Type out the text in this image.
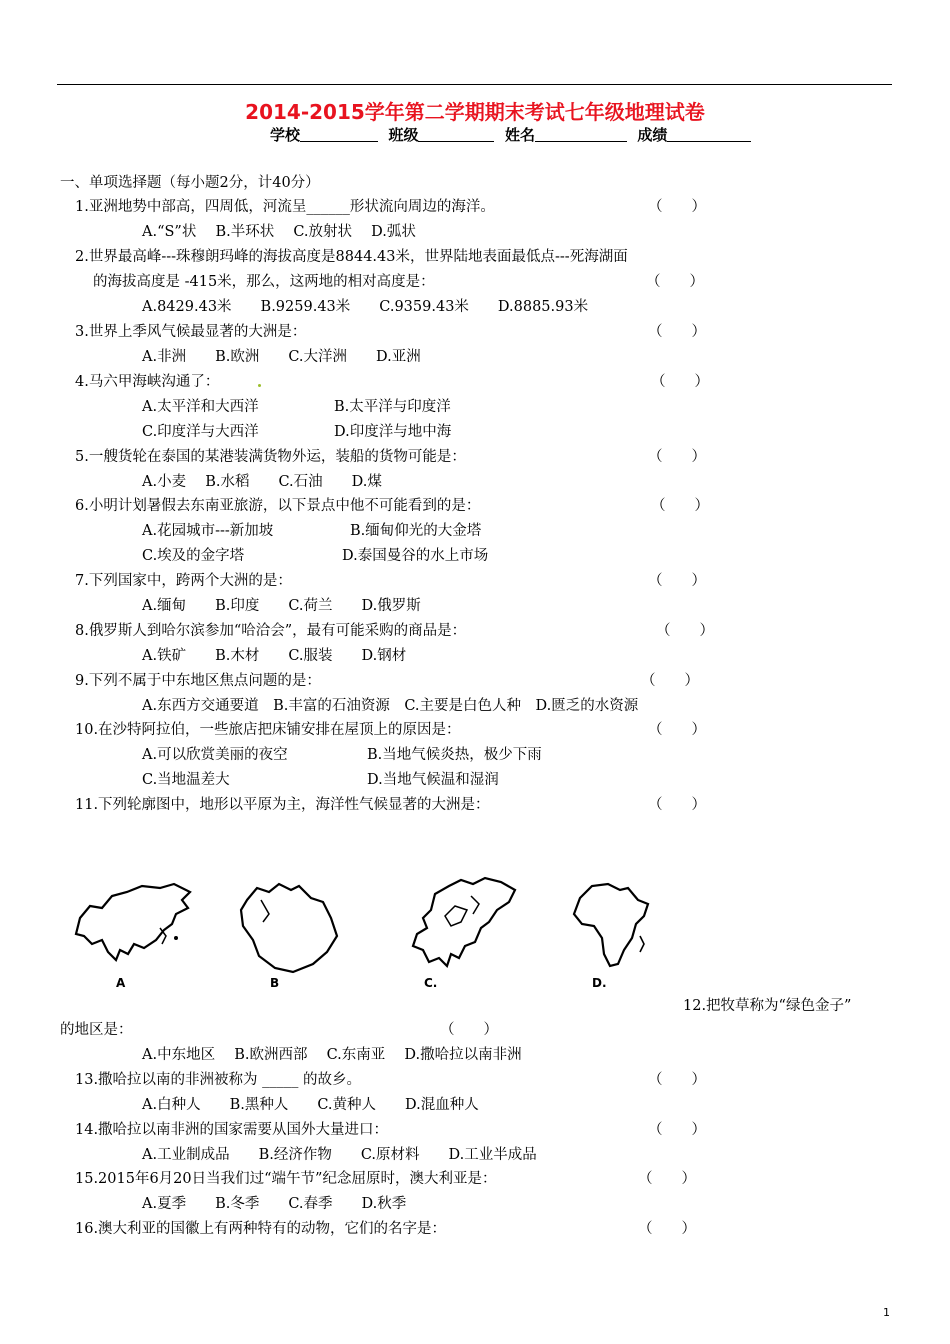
2014-2015学年第二学期期末考试七年级地理试卷
学校	班级	姓名	成绩
一、单项选择题（每小题2分，计40分）
1.亚洲地势中部高，四周低，河流呈______形状流向周边的海洋。	（　　）
A.“S”状　 B.半环状　 C.放射状　 D.弧状
2.世界最高峰---珠穆朗玛峰的海拔高度是8844.43米，世界陆地表面最低点---死海湖面
的海拔高度是 -415米，那么，这两地的相对高度是：	（　　）
A.8429.43米　　B.9259.43米　　C.9359.43米　　D.8885.93米
3.世界上季风气候最显著的大洲是：	（　　）
A.非洲　　B.欧洲　　C.大洋洲　　D.亚洲
4.马六甲海峡沟通了：	（　　）
A.太平洋和大西洋	B.太平洋与印度洋
C.印度洋与大西洋	D.印度洋与地中海
5.一艘货轮在泰国的某港装满货物外运，装船的货物可能是：	（　　）
A.小麦　 B.水稻　　C.石油　　D.煤
6.小明计划暑假去东南亚旅游，以下景点中他不可能看到的是：	（　　）
A.花园城市---新加坡	B.缅甸仰光的大金塔
C.埃及的金字塔	D.泰国曼谷的水上市场
7.下列国家中，跨两个大洲的是：	（　　）
A.缅甸　　B.印度　　C.荷兰　　D.俄罗斯
8.俄罗斯人到哈尔滨参加“哈洽会”，最有可能采购的商品是：	（　　）
A.铁矿　　B.木材　　C.服装　　D.钢材
9.下列不属于中东地区焦点问题的是：	（　　）
A.东西方交通要道　B.丰富的石油资源　C.主要是白色人种　D.匮乏的水资源
10.在沙特阿拉伯，一些旅店把床铺安排在屋顶上的原因是：	（　　）
A.可以欣赏美丽的夜空	B.当地气候炎热，极少下雨
C.当地温差大	D.当地气候温和湿润
11.下列轮廓图中，地形以平原为主，海洋性气候显著的大洲是：	（　　）
A	B	C.	D.
12.把牧草称为“绿色金子”
的地区是：	（　　）
A.中东地区　 B.欧洲西部　 C.东南亚　 D.撒哈拉以南非洲
13.撒哈拉以南的非洲被称为 _____ 的故乡。	（　　）
A.白种人　　B.黑种人　　C.黄种人　　D.混血种人
14.撒哈拉以南非洲的国家需要从国外大量进口：	（　　）
A.工业制成品　　B.经济作物　　C.原材料　　D.工业半成品
15.2015年6月20日当我们过“端午节”纪念屈原时，澳大利亚是：	（　　）
A.夏季　　B.冬季　　C.春季　　D.秋季
16.澳大利亚的国徽上有两种特有的动物，它们的名字是：	（　　）
1
